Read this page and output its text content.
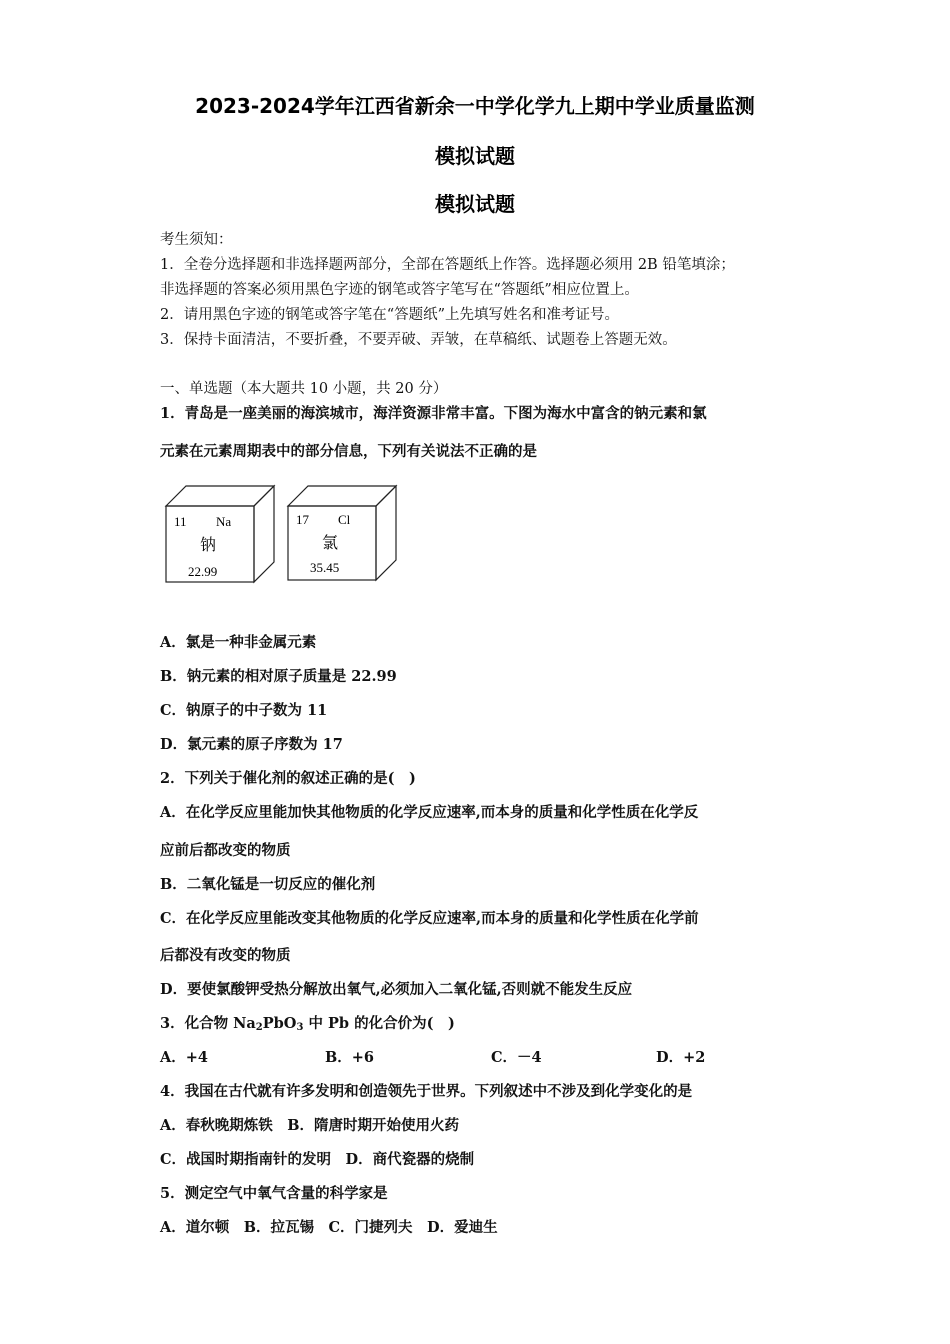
2023-2024学年江西省新余一中学化学九上期中学业质量监测
模拟试题
模拟试题
考生须知：
1．全卷分选择题和非选择题两部分，全部在答题纸上作答。选择题必须用 2B 铅笔填涂；
非选择题的答案必须用黑色字迹的钢笔或答字笔写在“答题纸”相应位置上。
2．请用黑色字迹的钢笔或答字笔在“答题纸”上先填写姓名和准考证号。
3．保持卡面清洁，不要折叠，不要弄破、弄皱，在草稿纸、试题卷上答题无效。
一、单选题（本大题共 10 小题，共 20 分）
1．青岛是一座美丽的海滨城市，海洋资源非常丰富。下图为海水中富含的钠元素和氯
元素在元素周期表中的部分信息，下列有关说法不正确的是
11 Na
钠
22.99
17 Cl
氯
35.45
A．氯是一种非金属元素
B．钠元素的相对原子质量是 22.99
C．钠原子的中子数为 11
D．氯元素的原子序数为 17
2．下列关于催化剂的叙述正确的是(　)
A．在化学反应里能加快其他物质的化学反应速率,而本身的质量和化学性质在化学反
应前后都改变的物质
B．二氧化锰是一切反应的催化剂
C．在化学反应里能改变其他物质的化学反应速率,而本身的质量和化学性质在化学前
后都没有改变的物质
D．要使氯酸钾受热分解放出氧气,必须加入二氧化锰,否则就不能发生反应
3．化合物 $Na_2PbO_3$ 中 Pb 的化合价为(　)
A．+4	B．+6	C．－4	D．+2
4．我国在古代就有许多发明和创造领先于世界。下列叙述中不涉及到化学变化的是
A．春秋晚期炼铁　B．隋唐时期开始使用火药
C．战国时期指南针的发明　D．商代瓷器的烧制
5．测定空气中氧气含量的科学家是
A．道尔顿　B．拉瓦锡　C．门捷列夫　D．爱迪生
